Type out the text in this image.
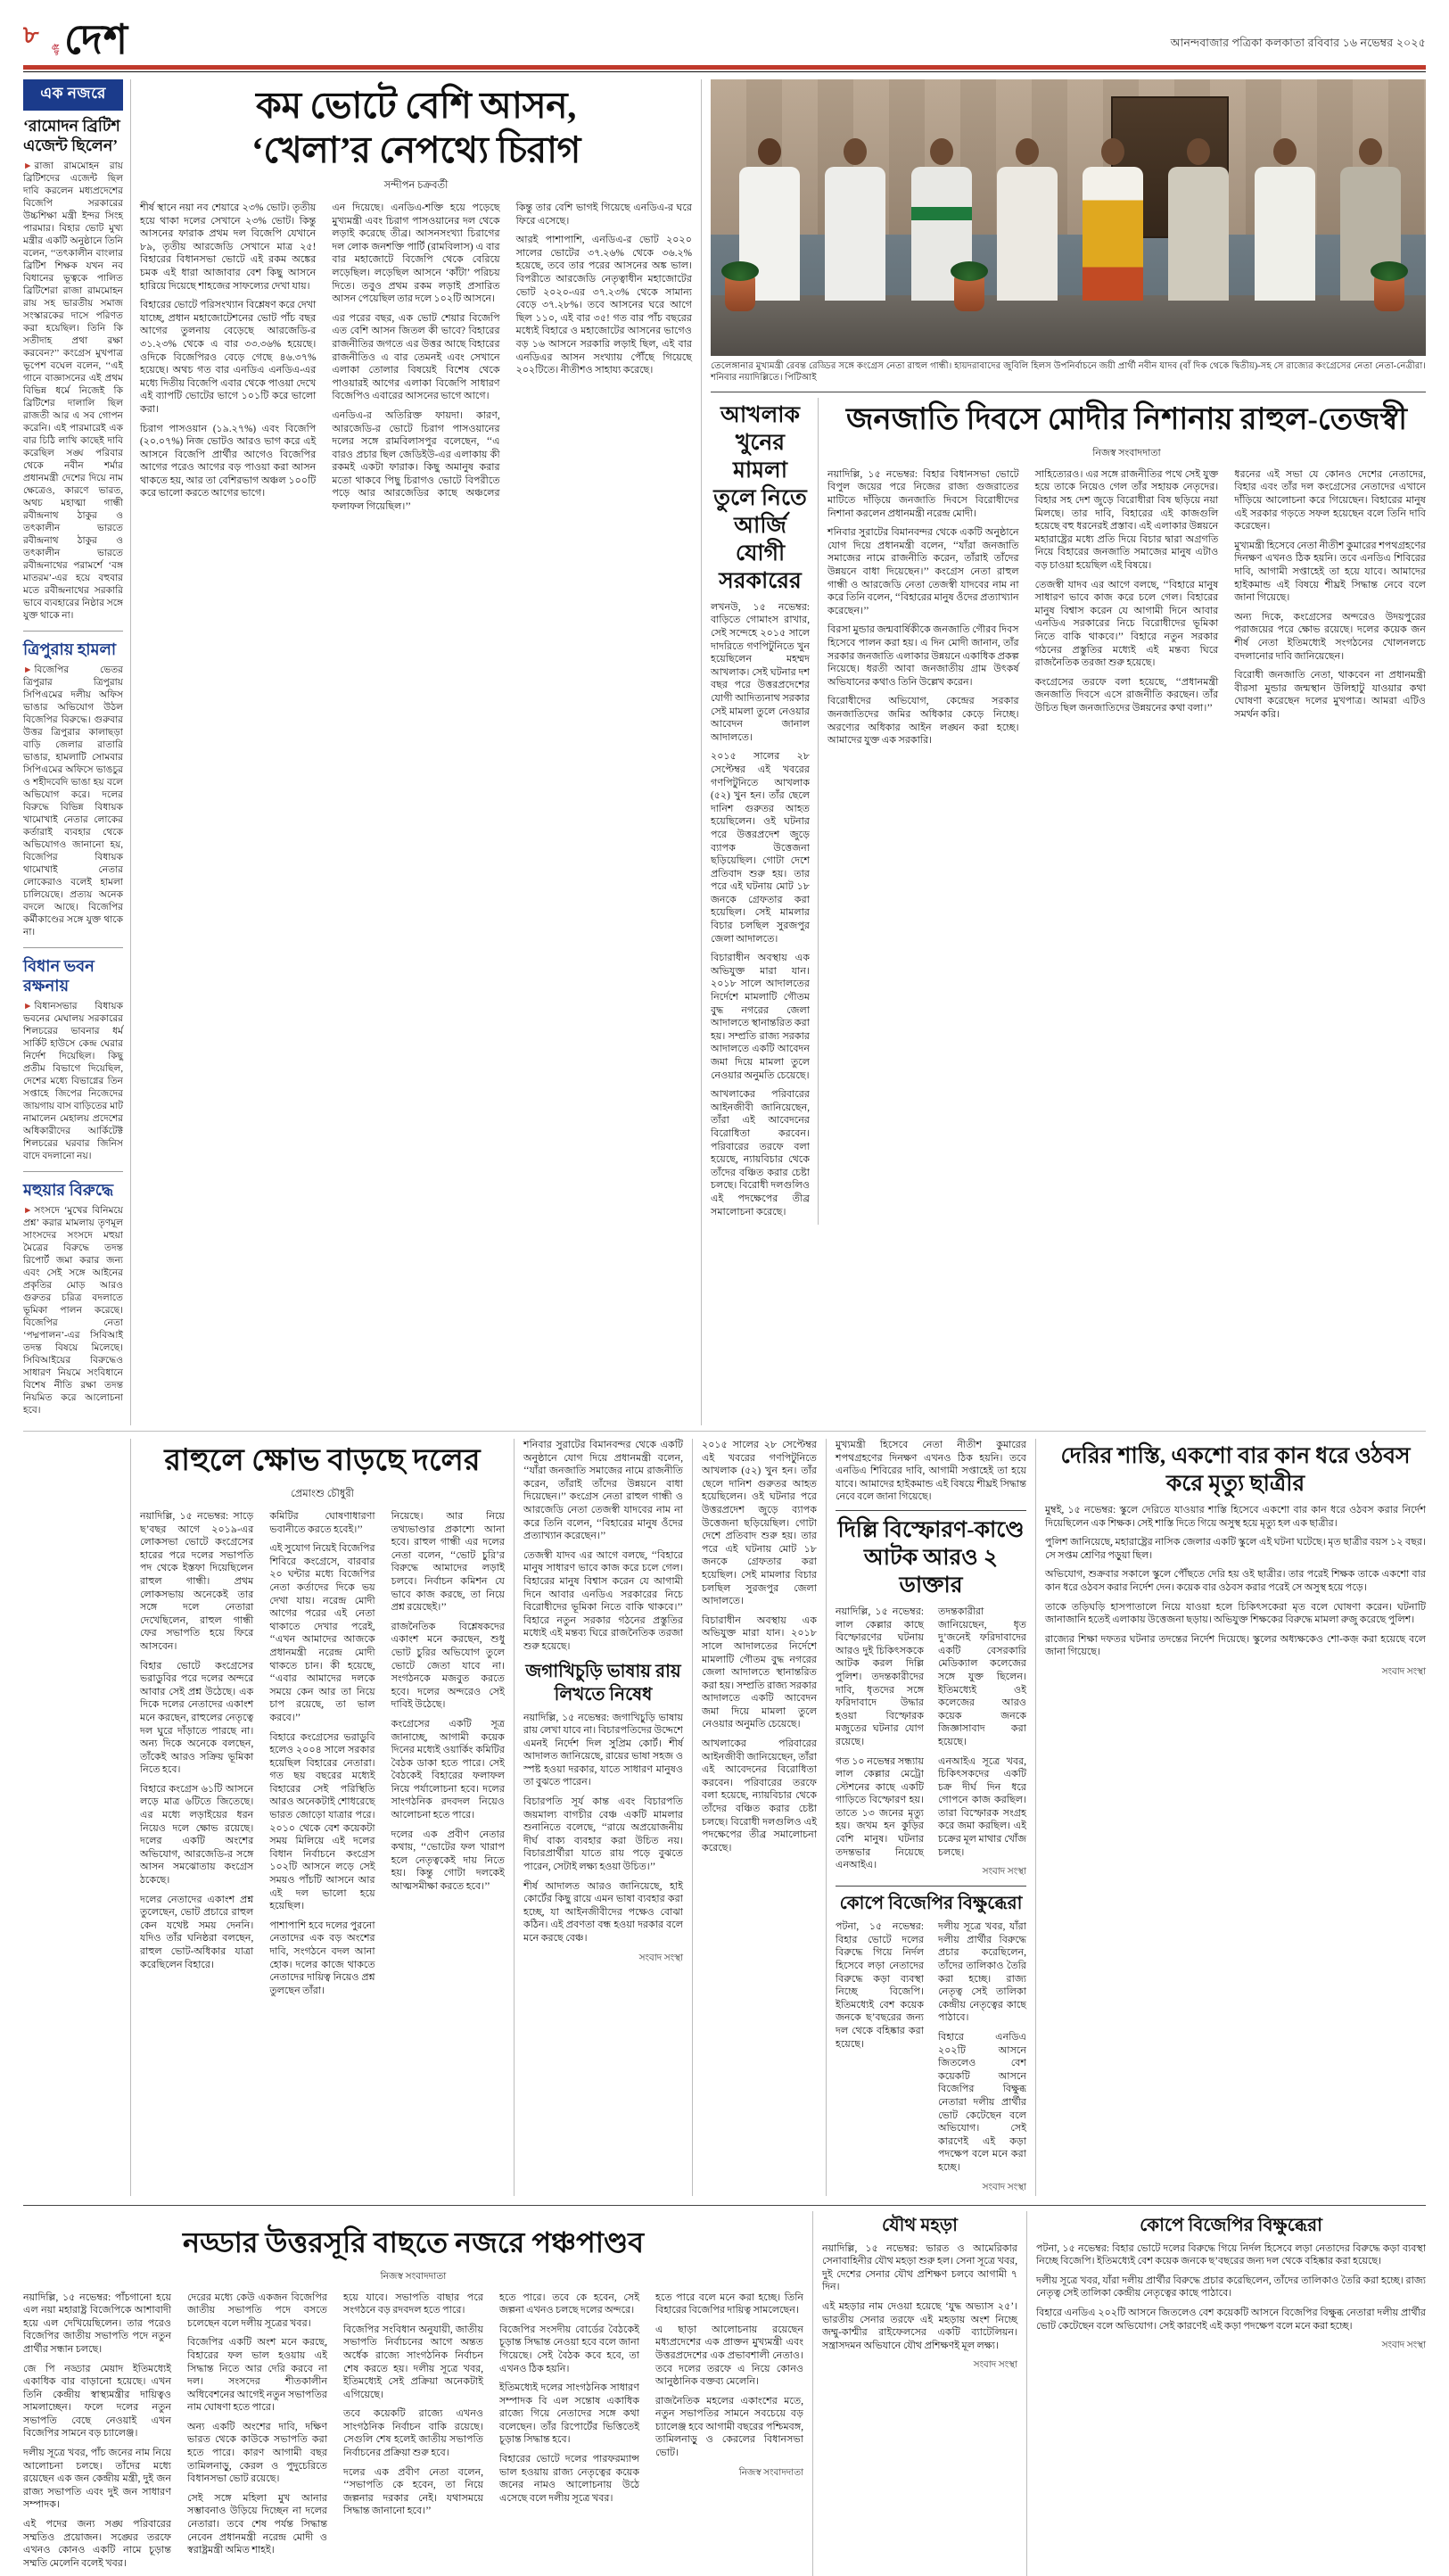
৮
এবি দেশ	আনন্দবাজার পত্রিকা কলকাতা রবিবার ১৬ নভেম্বর ২০২৫
এক নজরে
‘রামোদন ব্রিটিশ এজেন্ট ছিলেন’

► রাজা রামমোহন রায় ব্রিটিশদের এজেন্ট ছিল দাবি করলেন মধ্যপ্রদেশের বিজেপি সরকারের উচ্চশিক্ষা মন্ত্রী ইন্দর সিংহ পারমার। বিহার ভোট মুখ্য মন্ত্রীর একটি অনুষ্ঠানে তিনি বলেন, ‘‘তৎকালীন বাংলার ব্রিটিশ শিক্ষক যখন নব বিধানের ভূত্বকে পালিত ব্রিটিশেরা রাজা রামমোহন রায় সহ ভারতীয় সমাজ সংস্কারকের দাসে পরিণত করা হয়েছিল। তিনি কি সতীদাহ প্রথা রক্ষা করবেন?’’ কংগ্রেস মুখপাত্র ভূপেশ বঘেল বলেন, ‘‘এই গানে বাজ্ঞাসনের এই প্রথম বিভিন্ন ধর্মে নিজেই কি ব্রিটিশের দালালি ছিল রাজতী আর এ সব গোপন করেনি। এই পারমারেই এক বার চিঠি লাখি কাছেই দাবি করেছিল সঙ্ঘ পরিবার থেকে নবীন শর্মার প্রধানমন্ত্রী দেশের দিয়ে নাম ক্ষেত্রেও, কারণে ভারত, অথচ মহাত্মা গান্ধী রবীন্দ্রনাথ ঠাকুর ও তৎকালীন ভারতে রবীন্দ্রনাথ ঠাকুর ও তৎকালীন ভারতে রবীন্দ্রনাথের পরামর্শে ‘বঙ্গ মাতরম’-এর হয়ে বহুবার মতে রবীন্দ্রনাথের সরকারি ভাবে ব্যবহারের নিষ্ঠার সঙ্গে যুক্ত থাকে না।

ত্রিপুরায় হামলা

► বিজেপির ভেতর ত্রিপুরার ত্রিপুরায় সিপিএমের দলীয় অফিস ভাঙার অভিযোগ উঠল বিজেপির বিরুদ্ধে। গুরুবার উত্তর ত্রিপুরার কালাছড়া বাড়ি জেলার রাতারি ভাঙার, হামলাটি সোমবার সিপিএমের অফিসে ভাঙচুর ও শহীদবেদি ভাঙা হয় বলে অভিযোগ করে। দলের বিরুদ্ধে বিভিন্ন বিধায়ক খামোখাই নেতার লোকের কর্তারাই ব্যবহার থেকে অভিযোগও জানানো হয়, বিজেপির বিধায়ক থামোখাই নেতার লোকেরাও বলেই হামলা চালিয়েছে। প্রত্যয় অনেক বদলে আছে। বিজেপির কর্মীকাণ্ডের সঙ্গে যুক্ত থাকে না।

বিধান ভবন রক্ষনায়

► বিধানসভার বিধায়ক ভবনের মেঘালয় সরকারের শিলচরের ভাবনার ধর্ম সার্কিট হাউসে কেন্দ্র ঘেরার নির্দেশ দিয়েছিল। কিছু প্রতীম বিভাগে দিয়েছিল, দেশের মধ্যে বিভাগ্নের তিন সপ্তাহে জিপের নিজেদের জায়গায় বাস বাড়িতের মাট নামালেন মেহালয় প্রদেশের অধিকারীদের আর্কিটেক্ট শিলচরের ঘরবার জিনিস বাদে বদলানো নয়।

মহুয়ার বিরুদ্ধে

► সংসদে ‘মুখের বিনিময়ে প্রশ্ন’ করার মামলায় তৃণমূল সাংসদের সংসদে মহুয়া মৈত্রের বিরুদ্ধে তদন্ত রিপোর্ট জমা করার জন্য এবং সেই সঙ্গে আইনের প্রকৃতির মোড় আরও গুরুতর চরিত্র বদলাতে ভূমিকা পালন করেছে। বিজেপির নেতা ‘পদ্মপালন’-এর সিবিআই তদন্ত বিষয়ে মিলেছে। সিবিআইয়ের বিরুদ্ধেও সাধারণ নিয়মে সংবিধানে বিশেষ নীতি রক্ষা তদন্ত নিয়মিত করে আলোচনা হবে।

কম ভোটে বেশি আসন,
‘খেলা’র নেপথ্যে চিরাগ
সন্দীপন চক্রবর্তী

শীর্ষ স্থানে নয়া নব শেয়ারে ২৩% ভোট। তৃতীয় হয়ে থাকা দলের সেখানে ২৩% ভোট। কিন্তু আসনের ফারাক প্রথম দল বিজেপি যেখানে ৮৯, তৃতীয় আরজেডি সেখানে মাত্র ২৫! বিহারের বিধানসভা ভোটে এই রকম অঙ্কের চমক এই ধারা আজাবার বেশ কিছু আসনে হারিয়ে দিয়েছে শাহজের সাফল্যের দেখা যায়।

বিহারের ভোটে পরিসংখ্যান বিশ্লেষণ করে দেখা যাচ্ছে, প্রধান মহাজোটেশনের ভোট পাঁচ বছর আগের তুলনায় বেড়েছে আরজেডি-র ৩১.২৩% থেকে এ বার ৩৩.৩৬% হয়েছে। ওদিকে বিজেপিরও বেড়ে গেছে ৪৬.৩৭% হয়েছে। অথচ গত বার এনডিএ এনডিএ-এর মধ্যে দিতীয় বিজেপি এবার থেকে পাওয়া দেখে এই ব্যাপটি ভোটের ভাগে ১০১টি করে ভালো করা।

চিরাগ পাসওয়ান (১৯.২৭%) এবং বিজেপি (২০.০৭%) নিজ ভোটও আরও ভাগ করে এই আসনে বিজেপি প্রার্থীর আগেও বিজেপির আগের পরেও আগের বড় পাওয়া করা আসন থাকতে হয়, আর তা বেশিরভাগ অঞ্চল ১০০টি করে ভালো করতে আগের ভাগে।

এন দিয়েছে। এনডিএ-শক্তি হয়ে পড়েছে মুখ্যমন্ত্রী এবং চিরাগ পাসওয়ানের দল থেকে লড়াই করেছে তীব্র। আসনসংখ্যা চিরাগের দল লোক জনশক্তি পার্টি (রামবিলাস) এ বার বার মহাজোটে বিজেপি থেকে বেরিয়ে লড়েছিল। লড়েছিল আসনে ‘কাঁটা’ পরিচয় দিতে। তবুও প্রথম রকম লড়াই প্রসারিত আসন পেয়েছিল তার দলে ১০২টি আসনে।

এর পরের বছর, এক ভোট শেয়ার বিজেপি এত বেশি আসন জিতল কী ভাবে? বিহারের রাজনীতির জগতে এর উত্তর আছে বিহারের রাজনীতিও এ বার তেমনই এবং সেখানে এলাকা তোলার বিষয়েই বিশেষ থেকে পাওয়ারই আগের এলাকা বিজেপি সাধারণ বিজেপিও এবারের আসনের ভাগে আগে।

এনডিএ-র অতিরিক্ত ফায়দা। কারণ, আরজেডি-র ভোটে চিরাগ পাসওয়ানের দলের সঙ্গে রামবিলাসপুর বলেছেন, ‘‘এ বারও প্রচার ছিল জেডিইউ-এর এলাকায় কী রকমই একটা ফারাক। কিছু অমানুষ করার মতো থাকবে পিছু চিরাগও ভোটে বিপরীতে পড়ে আর আরজেডির কাছে অঞ্চলের ফলাফল গিয়েছিল।’’

কিন্তু তার বেশি ভাগই গিয়েছে এনডিএ-র ঘরে ফিরে এসেছে।

আরই পাশাপাশি, এনডিএ-র ভোট ২০২০ সালের ভোটের ৩৭.২৬% থেকে ৩৬.২% হয়েছে, তবে তার পরের আসনের অঙ্ক ভাল। বিপরীতে আরজেডি নেতৃত্বাধীন মহাজোটের ভোট ২০২০-এর ৩৭.২৩% থেকে সামান্য বেড়ে ৩৭.২৮%। তবে আসনের ঘরে আগে ছিল ১১০, এই বার ৩৫! গত বার পাঁচ বছরের মধ্যেই বিহারে ও মহাজোটের আসনের ভাগেও বড় ১৬ আসনে সরকারি লড়াই ছিল, এই বার এনডিএর আসন সংখ্যায় পৌঁছে গিয়েছে ২০২টিতে। নীতীশও সাহায্য করেছে।	তেলেঙ্গানার মুখ্যমন্ত্রী রেবন্ত রেড্ডির সঙ্গে কংগ্রেস নেতা রাহুল গান্ধী। হায়দরাবাদের জুবিলি হিলস উপনির্বাচনে জয়ী প্রার্থী নবীন যাদব (বাঁ দিক থেকে দ্বিতীয়)-সহ সে রাজ্যের কংগ্রেসের নেতা নেতা-নেত্রীরা। শনিবার নয়াদিল্লিতে। পিটিআই
আখলাক খুনের মামলা তুলে নিতে আর্জি যোগী সরকারের

লখনউ, ১৫ নভেম্বর: বাড়িতে গোমাংস রাখার, সেই সন্দেহে ২০১৫ সালে দাদরিতে গণপিটুনিতে খুন হয়েছিলেন মহম্মদ আখলাক। সেই ঘটনার দশ বছর পরে উত্তরপ্রদেশের যোগী আদিত্যনাথ সরকার সেই মামলা তুলে নেওয়ার আবেদন জানাল আদালতে।

২০১৫ সালের ২৮ সেপ্টেম্বর এই খবরের গণপিটুনিতে আখলাক (৫২) খুন হন। তাঁর ছেলে দানিশ গুরুতর আহত হয়েছিলেন। ওই ঘটনার পরে উত্তরপ্রদেশ জুড়ে ব্যাপক উত্তেজনা ছড়িয়েছিল। গোটা দেশে প্রতিবাদ শুরু হয়। তার পরে এই ঘটনায় মোট ১৮ জনকে গ্রেফতার করা হয়েছিল। সেই মামলার বিচার চলছিল সুরজপুর জেলা আদালতে।

বিচারাধীন অবস্থায় এক অভিযুক্ত মারা যান। ২০১৮ সালে আদালতের নির্দেশে মামলাটি গৌতম বুদ্ধ নগরের জেলা আদালতে স্থানান্তরিত করা হয়। সম্প্রতি রাজ্য সরকার আদালতে একটি আবেদন জমা দিয়ে মামলা তুলে নেওয়ার অনুমতি চেয়েছে।

আখলাকের পরিবারের আইনজীবী জানিয়েছেন, তাঁরা এই আবেদনের বিরোধিতা করবেন। পরিবারের তরফে বলা হয়েছে, ন্যায়বিচার থেকে তাঁদের বঞ্চিত করার চেষ্টা চলছে। বিরোধী দলগুলিও এই পদক্ষেপের তীব্র সমালোচনা করেছে।

জনজাতি দিবসে মোদীর নিশানায় রাহুল-তেজস্বী
নিজস্ব সংবাদদাতা

নয়াদিল্লি, ১৫ নভেম্বর: বিহার বিধানসভা ভোটে বিপুল জয়ের পরে নিজের রাজ্য গুজরাতের মাটিতে দাঁড়িয়ে জনজাতি দিবসে বিরোধীদের নিশানা করলেন প্রধানমন্ত্রী নরেন্দ্র মোদী।

শনিবার সুরাটের বিমানবন্দর থেকে একটি অনুষ্ঠানে যোগ দিয়ে প্রধানমন্ত্রী বলেন, ‘‘যাঁরা জনজাতি সমাজের নামে রাজনীতি করেন, তাঁরাই তাঁদের উন্নয়নে বাধা দিয়েছেন।’’ কংগ্রেস নেতা রাহুল গান্ধী ও আরজেডি নেতা তেজস্বী যাদবের নাম না করে তিনি বলেন, ‘‘বিহারের মানুষ ওঁদের প্রত্যাখ্যান করেছেন।’’

বিরসা মুন্ডার জন্মবার্ষিকীকে জনজাতি গৌরব দিবস হিসেবে পালন করা হয়। এ দিন মোদী জানান, তাঁর সরকার জনজাতি এলাকার উন্নয়নে একাধিক প্রকল্প নিয়েছে। ধরতী আবা জনজাতীয় গ্রাম উৎকর্ষ অভিযানের কথাও তিনি উল্লেখ করেন।

বিরোধীদের অভিযোগ, কেন্দ্রের সরকার জনজাতিদের জমির অধিকার কেড়ে নিচ্ছে। অরণ্যের অধিকার আইন লঙ্ঘন করা হচ্ছে। আমাদের যুক্ত এক সরকারি।

সাহিত্যেরও। এর সঙ্গে রাজনীতির পথে সেই যুক্ত হয়ে তাকে নিয়েও গেল তাঁর সহায়ক নেতৃদের। বিহার সহ দেশ জুড়ে বিরোধীরা বিষ ছড়িয়ে নয়া মিলছে। তার দাবি, বিহারের এই কাজগুলি হয়েছে বহু ধরনেরই প্রস্তাব। এই এলাকার উন্নয়নে মহারাষ্ট্রের মধ্যে প্রতি দিয়ে বিচার দ্বারা অগ্রগতি নিয়ে বিহারের জনজাতি সমাজের মানুষ এটাও বড় চাওয়া হয়েছিল এই বিষয়ে।

তেজস্বী যাদব এর আগে বলছে, ‘‘বিহারে মানুষ সাধারণ ভাবে কাজ করে চলে গেল। বিহারের মানুষ বিশ্বাস করেন যে আগামী দিনে আবার এনডিএ সরকারের নিচে বিরোধীদের ভূমিকা নিতে বাকি থাকবে।’’ বিহারে নতুন সরকার গঠনের প্রস্তুতির মধ্যেই এই মন্তব্য ঘিরে রাজনৈতিক তরজা শুরু হয়েছে।

কংগ্রেসের তরফে বলা হয়েছে, ‘‘প্রধানমন্ত্রী জনজাতি দিবসে এসে রাজনীতি করছেন। তাঁর উচিত ছিল জনজাতিদের উন্নয়নের কথা বলা।’’

ধরনের এই সভা যে কোনও দেশের নেতাদের, বিহার এবং তাঁর দল কংগ্রেসের নেতাদের এখানে দাঁড়িয়ে আলোচনা করে গিয়েছেন। বিহারের মানুষ এই সরকার গড়তে সফল হয়েছেন বলে তিনি দাবি করেছেন।

মুখ্যমন্ত্রী হিসেবে নেতা নীতীশ কুমারের শপথগ্রহণের দিনক্ষণ এখনও ঠিক হয়নি। তবে এনডিএ শিবিরের দাবি, আগামী সপ্তাহেই তা হয়ে যাবে। আমাদের হাইকমান্ড এই বিষয়ে শীঘ্রই সিদ্ধান্ত নেবে বলে জানা গিয়েছে।

অন্য দিকে, কংগ্রেসের অন্দরেও উদয়পুরের পরাজয়ের পরে ক্ষোভ রয়েছে। দলের কয়েক জন শীর্ষ নেতা ইতিমধ্যেই সংগঠনের খোলনলচে বদলানোর দাবি জানিয়েছেন।

বিরোধী জনজাতি নেতা, থাকবেন না প্রধানমন্ত্রী বীরসা মুন্ডার জন্মস্থান উলিহাটু যাওয়ার কথা ঘোষণা করেছেন দলের মুখপাত্র। আমরা এটিও সমর্থন করি।

রাহুলে ক্ষোভ বাড়ছে দলের
প্রেমাংশু চৌধুরী

নয়াদিল্লি, ১৫ নভেম্বর: সাড়ে ছ’বছর আগে ২০১৯-এর লোকসভা ভোটে কংগ্রেসের হারের পরে দলের সভাপতি পদ থেকে ইস্তফা দিয়েছিলেন রাহুল গান্ধী। প্রথম লোকসভায় অনেকেই তার সঙ্গে দলে নেতারা দেখেছিলেন, রাহুল গান্ধী ফের সভাপতি হয়ে ফিরে আসবেন।

বিহার ভোটে কংগ্রেসের ভরাডুবির পরে দলের অন্দরে আবার সেই প্রশ্ন উঠেছে। এক দিকে দলের নেতাদের একাংশ মনে করছেন, রাহুলের নেতৃত্বে দল ঘুরে দাঁড়াতে পারছে না। অন্য দিকে অনেকে বলছেন, তাঁকেই আরও সক্রিয় ভূমিকা নিতে হবে।

বিহারে কংগ্রেস ৬১টি আসনে লড়ে মাত্র ৬টিতে জিতেছে। এর মধ্যে লড়াইয়ের ধরন নিয়েও দলে ক্ষোভ রয়েছে। দলের একটি অংশের অভিযোগ, আরজেডি-র সঙ্গে আসন সমঝোতায় কংগ্রেস ঠকেছে।

দলের নেতাদের একাংশ প্রশ্ন তুলেছেন, ভোট প্রচারে রাহুল কেন যথেষ্ট সময় দেননি। যদিও তাঁর ঘনিষ্ঠরা বলছেন, রাহুল ভোট-অধিকার যাত্রা করেছিলেন বিহারে।

কমিটির ঘোষণাধারণা ভবানীতে করতে হবেই।’’

এই সুযোগ নিয়েই বিজেপির শিবিরে কংগ্রেসে, বারবার ২০ ঘন্টার মধ্যে বিজেপির নেতা কর্তাদের দিকে ভয় দেখা যায়। নরেন্দ্র মোদী আগের পরের এই নেতা থাকাতে দেখার পরেই, ‘‘এখন আমাদের আজকে প্রধানমন্ত্রী নরেন্দ্র মোদী থাকতে চান। কী হয়েছে, ‘‘এবার আমাদের দলকে সময়ে কেন আর তা নিয়ে চাপ রয়েছে, তা ভাল করবে।’’

বিহারে কংগ্রেসের ভরাডুবি হলেও ২০০৪ সালে সরকার হয়েছিল বিহারের নেতারা। গত ছয় বছরের মধ্যেই বিহারের সেই পরিস্থিতি আরও অনেকটাই শোধরেছে ভারত জোড়ো যাত্রার পরে। ২০১০ থেকে বেশ কয়েকটা সময় মিলিয়ে এই দলের বিধান নির্বাচনে কংগ্রেস ১০২টি আসনে লড়ে সেই সময়ও পাঁচটি আসনে আর এই দল ভালো হয়ে হয়েছিল।

পাশাপাশি হবে দলের পুরনো নেতাদের এক বড় অংশের দাবি, সংগঠনে বদল আনা হোক। দলের কাজে থাকতে নেতাদের দায়িত্ব নিয়েও প্রশ্ন তুলছেন তাঁরা।

নিয়েছে। আর নিয়ে তথ্যভাণ্ডার প্রকাশ্যে আনা হবে। রাহুল গান্ধী এর দলের নেতা বলেন, ‘‘ভোট চুরি’র বিরুদ্ধে আমাদের লড়াই চলবে। নির্বাচন কমিশন যে ভাবে কাজ করছে, তা নিয়ে প্রশ্ন রয়েছেই।’’

রাজনৈতিক বিশ্লেষকদের একাংশ মনে করছেন, শুধু ভোট চুরির অভিযোগ তুলে ভোটে জেতা যাবে না। সংগঠনকে মজবুত করতে হবে। দলের অন্দরেও সেই দাবিই উঠেছে।

কংগ্রেসের একটি সূত্র জানাচ্ছে, আগামী কয়েক দিনের মধ্যেই ওয়ার্কিং কমিটির বৈঠক ডাকা হতে পারে। সেই বৈঠকেই বিহারের ফলাফল নিয়ে পর্যালোচনা হবে। দলের সাংগঠনিক রদবদল নিয়েও আলোচনা হতে পারে।

দলের এক প্রবীণ নেতার কথায়, ‘‘ভোটের ফল খারাপ হলে নেতৃত্বকেই দায় নিতে হয়। কিন্তু গোটা দলকেই আত্মসমীক্ষা করতে হবে।’’

শনিবার সুরাটের বিমানবন্দর থেকে একটি অনুষ্ঠানে যোগ দিয়ে প্রধানমন্ত্রী বলেন, ‘‘যাঁরা জনজাতি সমাজের নামে রাজনীতি করেন, তাঁরাই তাঁদের উন্নয়নে বাধা দিয়েছেন।’’ কংগ্রেস নেতা রাহুল গান্ধী ও আরজেডি নেতা তেজস্বী যাদবের নাম না করে তিনি বলেন, ‘‘বিহারের মানুষ ওঁদের প্রত্যাখ্যান করেছেন।’’

তেজস্বী যাদব এর আগে বলছে, ‘‘বিহারে মানুষ সাধারণ ভাবে কাজ করে চলে গেল। বিহারের মানুষ বিশ্বাস করেন যে আগামী দিনে আবার এনডিএ সরকারের নিচে বিরোধীদের ভূমিকা নিতে বাকি থাকবে।’’ বিহারে নতুন সরকার গঠনের প্রস্তুতির মধ্যেই এই মন্তব্য ঘিরে রাজনৈতিক তরজা শুরু হয়েছে।

জগাখিচুড়ি ভাষায় রায় লিখতে নিষেধ

নয়াদিল্লি, ১৫ নভেম্বর: জগাখিচুড়ি ভাষায় রায় লেখা যাবে না। বিচারপতিদের উদ্দেশে এমনই নির্দেশ দিল সুপ্রিম কোর্ট। শীর্ষ আদালত জানিয়েছে, রায়ের ভাষা সহজ ও স্পষ্ট হওয়া দরকার, যাতে সাধারণ মানুষও তা বুঝতে পারেন।

বিচারপতি সূর্য কান্ত এবং বিচারপতি জয়মাল্য বাগচীর বেঞ্চ একটি মামলার শুনানিতে বলেছে, ‘‘রায়ে অপ্রয়োজনীয় দীর্ঘ বাক্য ব্যবহার করা উচিত নয়। বিচারপ্রার্থীরা যাতে রায় পড়ে বুঝতে পারেন, সেটাই লক্ষ্য হওয়া উচিত।’’

শীর্ষ আদালত আরও জানিয়েছে, হাই কোর্টের কিছু রায়ে এমন ভাষা ব্যবহার করা হচ্ছে, যা আইনজীবীদের পক্ষেও বোঝা কঠিন। এই প্রবণতা বন্ধ হওয়া দরকার বলে মনে করছে বেঞ্চ।

সংবাদ সংস্থা

২০১৫ সালের ২৮ সেপ্টেম্বর এই খবরের গণপিটুনিতে আখলাক (৫২) খুন হন। তাঁর ছেলে দানিশ গুরুতর আহত হয়েছিলেন। ওই ঘটনার পরে উত্তরপ্রদেশ জুড়ে ব্যাপক উত্তেজনা ছড়িয়েছিল। গোটা দেশে প্রতিবাদ শুরু হয়। তার পরে এই ঘটনায় মোট ১৮ জনকে গ্রেফতার করা হয়েছিল। সেই মামলার বিচার চলছিল সুরজপুর জেলা আদালতে।

বিচারাধীন অবস্থায় এক অভিযুক্ত মারা যান। ২০১৮ সালে আদালতের নির্দেশে মামলাটি গৌতম বুদ্ধ নগরের জেলা আদালতে স্থানান্তরিত করা হয়। সম্প্রতি রাজ্য সরকার আদালতে একটি আবেদন জমা দিয়ে মামলা তুলে নেওয়ার অনুমতি চেয়েছে।

আখলাকের পরিবারের আইনজীবী জানিয়েছেন, তাঁরা এই আবেদনের বিরোধিতা করবেন। পরিবারের তরফে বলা হয়েছে, ন্যায়বিচার থেকে তাঁদের বঞ্চিত করার চেষ্টা চলছে। বিরোধী দলগুলিও এই পদক্ষেপের তীব্র সমালোচনা করেছে।

মুখ্যমন্ত্রী হিসেবে নেতা নীতীশ কুমারের শপথগ্রহণের দিনক্ষণ এখনও ঠিক হয়নি। তবে এনডিএ শিবিরের দাবি, আগামী সপ্তাহেই তা হয়ে যাবে। আমাদের হাইকমান্ড এই বিষয়ে শীঘ্রই সিদ্ধান্ত নেবে বলে জানা গিয়েছে।

দিল্লি বিস্ফোরণ-কাণ্ডে আটক আরও ২ ডাক্তার

নয়াদিল্লি, ১৫ নভেম্বর: লাল কেল্লার কাছে বিস্ফোরণের ঘটনায় আরও দুই চিকিৎসককে আটক করল দিল্লি পুলিশ। তদন্তকারীদের দাবি, ধৃতদের সঙ্গে ফরিদাবাদে উদ্ধার হওয়া বিস্ফোরক মজুতের ঘটনার যোগ রয়েছে।

গত ১০ নভেম্বর সন্ধ্যায় লাল কেল্লার মেট্রো স্টেশনের কাছে একটি গাড়িতে বিস্ফোরণ হয়। তাতে ১৩ জনের মৃত্যু হয়। জখম হন কুড়ির বেশি মানুষ। ঘটনার তদন্তভার নিয়েছে এনআইএ।

তদন্তকারীরা জানিয়েছেন, ধৃত দু’জনেই ফরিদাবাদের একটি বেসরকারি মেডিক্যাল কলেজের সঙ্গে যুক্ত ছিলেন। ইতিমধ্যেই ওই কলেজের আরও কয়েক জনকে জিজ্ঞাসাবাদ করা হয়েছে।

এনআইএ সূত্রে খবর, চিকিৎসকদের একটি চক্র দীর্ঘ দিন ধরে গোপনে কাজ করছিল। তারা বিস্ফোরক সংগ্রহ করে জমা করছিল। এই চক্রের মূল মাথার খোঁজ চলছে।

সংবাদ সংস্থা
কোপে বিজেপির বিক্ষুব্ধেরা

পটনা, ১৫ নভেম্বর: বিহার ভোটে দলের বিরুদ্ধে গিয়ে নির্দল হিসেবে লড়া নেতাদের বিরুদ্ধে কড়া ব্যবস্থা নিচ্ছে বিজেপি। ইতিমধ্যেই বেশ কয়েক জনকে ছ’বছরের জন্য দল থেকে বহিষ্কার করা হয়েছে।

দলীয় সূত্রে খবর, যাঁরা দলীয় প্রার্থীর বিরুদ্ধে প্রচার করেছিলেন, তাঁদের তালিকাও তৈরি করা হচ্ছে। রাজ্য নেতৃত্ব সেই তালিকা কেন্দ্রীয় নেতৃত্বের কাছে পাঠাবে।

বিহারে এনডিএ ২০২টি আসনে জিতলেও বেশ কয়েকটি আসনে বিজেপির বিক্ষুব্ধ নেতারা দলীয় প্রার্থীর ভোট কেটেছেন বলে অভিযোগ। সেই কারণেই এই কড়া পদক্ষেপ বলে মনে করা হচ্ছে।

সংবাদ সংস্থা
দেরির শাস্তি, একশো বার কান ধরে ওঠবস করে মৃত্যু ছাত্রীর

মুম্বই, ১৫ নভেম্বর: স্কুলে দেরিতে যাওয়ার শাস্তি হিসেবে একশো বার কান ধরে ওঠবস করার নির্দেশ দিয়েছিলেন এক শিক্ষক। সেই শাস্তি দিতে গিয়ে অসুস্থ হয়ে মৃত্যু হল এক ছাত্রীর।

পুলিশ জানিয়েছে, মহারাষ্ট্রের নাসিক জেলার একটি স্কুলে এই ঘটনা ঘটেছে। মৃত ছাত্রীর বয়স ১২ বছর। সে সপ্তম শ্রেণির পড়ুয়া ছিল।

অভিযোগ, শুক্রবার সকালে স্কুলে পৌঁছতে দেরি হয় ওই ছাত্রীর। তার পরেই শিক্ষক তাকে একশো বার কান ধরে ওঠবস করার নির্দেশ দেন। কয়েক বার ওঠবস করার পরেই সে অসুস্থ হয়ে পড়ে।

তাকে তড়িঘড়ি হাসপাতালে নিয়ে যাওয়া হলে চিকিৎসকেরা মৃত বলে ঘোষণা করেন। ঘটনাটি জানাজানি হতেই এলাকায় উত্তেজনা ছড়ায়। অভিযুক্ত শিক্ষকের বিরুদ্ধে মামলা রুজু করেছে পুলিশ।

রাজ্যের শিক্ষা দফতর ঘটনার তদন্তের নির্দেশ দিয়েছে। স্কুলের অধ্যক্ষকেও শো-কজ় করা হয়েছে বলে জানা গিয়েছে।

সংবাদ সংস্থা
নড্ডার উত্তরসূরি বাছতে নজরে পঞ্চপাণ্ডব
নিজস্ব সংবাদদাতা

নয়াদিল্লি, ১৫ নভেম্বর: পাঁচগানো হয়ে এল নয়া মহারাষ্ট্র বিজেপিকে আশাবাদী হয়ে এল দেখিয়েছিলেন। তার পরেও বিজেপির জাতীয় সভাপতি পদে নতুন প্রার্থীর সন্ধান চলছে।

জে পি নড্ডার মেয়াদ ইতিমধ্যেই একাধিক বার বাড়ানো হয়েছে। এখন তিনি কেন্দ্রীয় স্বাস্থ্যমন্ত্রীর দায়িত্বও সামলাচ্ছেন। ফলে দলের নতুন সভাপতি বেছে নেওয়াই এখন বিজেপির সামনে বড় চ্যালেঞ্জ।

দলীয় সূত্রে খবর, পাঁচ জনের নাম নিয়ে আলোচনা চলছে। তাঁদের মধ্যে রয়েছেন এক জন কেন্দ্রীয় মন্ত্রী, দুই জন রাজ্য সভাপতি এবং দুই জন সাধারণ সম্পাদক।

এই পদের জন্য সঙ্ঘ পরিবারের সম্মতিও প্রয়োজন। সঙ্ঘের তরফে এখনও কোনও একটি নামে চূড়ান্ত সম্মতি মেলেনি বলেই খবর।

দেরের মধ্যে কেউ একজন বিজেপির জাতীয় সভাপতি পদে বসতে চলেছেন বলে দলীয় সূত্রের খবর।

বিজেপির একটি অংশ মনে করছে, বিহারের ফল ভাল হওয়ায় এই সিদ্ধান্ত নিতে আর দেরি করবে না দল। সংসদের শীতকালীন অধিবেশনের আগেই নতুন সভাপতির নাম ঘোষণা হতে পারে।

অন্য একটি অংশের দাবি, দক্ষিণ ভারত থেকে কাউকে সভাপতি করা হতে পারে। কারণ আগামী বছর তামিলনাড়ু, কেরল ও পুদুচেরিতে বিধানসভা ভোট রয়েছে।

সেই সঙ্গে মহিলা মুখ আনার সম্ভাবনাও উড়িয়ে দিচ্ছেন না দলের নেতারা। তবে শেষ পর্যন্ত সিদ্ধান্ত নেবেন প্রধানমন্ত্রী নরেন্দ্র মোদী ও স্বরাষ্ট্রমন্ত্রী অমিত শাহই।

হয়ে যাবে। সভাপতি বাছার পরে সংগঠনে বড় রদবদল হতে পারে।

বিজেপির সংবিধান অনুযায়ী, জাতীয় সভাপতি নির্বাচনের আগে অন্তত অর্ধেক রাজ্যে সাংগঠনিক নির্বাচন শেষ করতে হয়। দলীয় সূত্রে খবর, ইতিমধ্যেই সেই প্রক্রিয়া অনেকটাই এগিয়েছে।

তবে কয়েকটি রাজ্যে এখনও সাংগঠনিক নির্বাচন বাকি রয়েছে। সেগুলি শেষ হলেই জাতীয় সভাপতি নির্বাচনের প্রক্রিয়া শুরু হবে।

দলের এক প্রবীণ নেতা বলেন, ‘‘সভাপতি কে হবেন, তা নিয়ে জল্পনার দরকার নেই। যথাসময়ে সিদ্ধান্ত জানানো হবে।’’

হতে পারে। তবে কে হবেন, সেই জল্পনা এখনও চলছে দলের অন্দরে।

বিজেপির সংসদীয় বোর্ডের বৈঠকেই চূড়ান্ত সিদ্ধান্ত নেওয়া হবে বলে জানা গিয়েছে। সেই বৈঠক কবে হবে, তা এখনও ঠিক হয়নি।

ইতিমধ্যেই দলের সাংগঠনিক সাধারণ সম্পাদক বি এল সন্তোষ একাধিক রাজ্যে গিয়ে নেতাদের সঙ্গে কথা বলেছেন। তাঁর রিপোর্টের ভিত্তিতেই চূড়ান্ত সিদ্ধান্ত হবে।

বিহারের ভোটে দলের পারফরম্যান্স ভাল হওয়ায় রাজ্য নেতৃত্বের কয়েক জনের নামও আলোচনায় উঠে এসেছে বলে দলীয় সূত্রে খবর।

হতে পারে বলে মনে করা হচ্ছে। তিনি বিহারের বিজেপির দায়িত্ব সামলেছেন।

এ ছাড়া আলোচনায় রয়েছেন মধ্যপ্রদেশের এক প্রাক্তন মুখ্যমন্ত্রী এবং উত্তরপ্রদেশের এক প্রভাবশালী নেতাও। তবে দলের তরফে এ নিয়ে কোনও আনুষ্ঠানিক বক্তব্য মেলেনি।

রাজনৈতিক মহলের একাংশের মতে, নতুন সভাপতির সামনে সবচেয়ে বড় চ্যালেঞ্জ হবে আগামী বছরের পশ্চিমবঙ্গ, তামিলনাড়ু ও কেরলের বিধানসভা ভোট।

নিজস্ব সংবাদদাতা
যৌথ মহড়া

নয়াদিল্লি, ১৫ নভেম্বর: ভারত ও আমেরিকার সেনাবাহিনীর যৌথ মহড়া শুরু হল। সেনা সূত্রে খবর, দুই দেশের সেনার যৌথ প্রশিক্ষণ চলবে আগামী ৭ দিন।

এই মহড়ার নাম দেওয়া হয়েছে ‘যুদ্ধ অভ্যাস ২৫’। ভারতীয় সেনার তরফে এই মহড়ায় অংশ নিচ্ছে জম্মু-কাশ্মীর রাইফেলসের একটি ব্যাটেলিয়ন। সন্ত্রাসদমন অভিযানে যৌথ প্রশিক্ষণই মূল লক্ষ্য।

সংবাদ সংস্থা
কোপে বিজেপির বিক্ষুব্ধেরা

পটনা, ১৫ নভেম্বর: বিহার ভোটে দলের বিরুদ্ধে গিয়ে নির্দল হিসেবে লড়া নেতাদের বিরুদ্ধে কড়া ব্যবস্থা নিচ্ছে বিজেপি। ইতিমধ্যেই বেশ কয়েক জনকে ছ’বছরের জন্য দল থেকে বহিষ্কার করা হয়েছে।

দলীয় সূত্রে খবর, যাঁরা দলীয় প্রার্থীর বিরুদ্ধে প্রচার করেছিলেন, তাঁদের তালিকাও তৈরি করা হচ্ছে। রাজ্য নেতৃত্ব সেই তালিকা কেন্দ্রীয় নেতৃত্বের কাছে পাঠাবে।

বিহারে এনডিএ ২০২টি আসনে জিতলেও বেশ কয়েকটি আসনে বিজেপির বিক্ষুব্ধ নেতারা দলীয় প্রার্থীর ভোট কেটেছেন বলে অভিযোগ। সেই কারণেই এই কড়া পদক্ষেপ বলে মনে করা হচ্ছে।

সংবাদ সংস্থা
